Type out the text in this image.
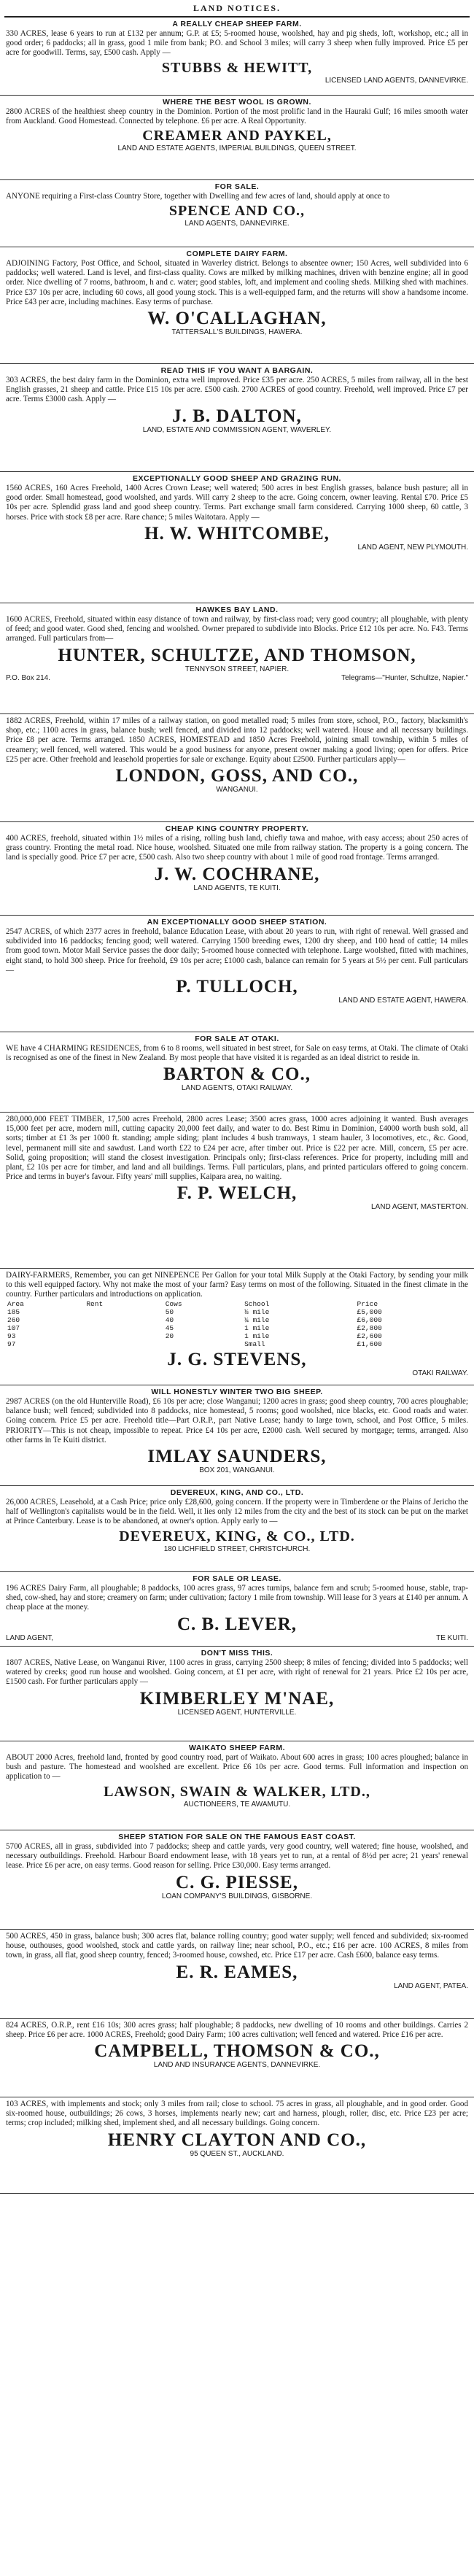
LAND NOTICES.
A REALLY CHEAP SHEEP FARM.
330 ACRES, lease 6 years to run at £132 per annum; G.P. at £5; 5-roomed house, woolshed, hay and pig sheds, loft, workshop, etc.; all in good order; 6 paddocks; all in grass, good 1 mile from bank; P.O. and School 3 miles; will carry 3 sheep when fully improved. Price £5 per acre for goodwill. Terms, say, £500 cash. Apply —
STUBBS & HEWITT,
LICENSED LAND AGENTS, DANNEVIRKE.
WHERE THE BEST WOOL IS GROWN.
2800 ACRES of the healthiest sheep country in the Dominion. Portion of the most prolific land in the Hauraki Gulf; 16 miles smooth water from Auckland. Good Homestead. Connected by telephone. £6 per acre. A Real Opportunity.
CREAMER AND PAYKEL,
LAND AND ESTATE AGENTS, IMPERIAL BUILDINGS, QUEEN STREET.
FOR SALE.
ANYONE requiring a First-class Country Store, together with Dwelling and few acres of land, should apply at once to
SPENCE AND CO.,
LAND AGENTS, DANNEVIRKE.
COMPLETE DAIRY FARM.
ADJOINING Factory, Post Office, and School, situated in Waverley district. Belongs to absentee owner; 150 Acres, well subdivided into 6 paddocks; well watered. Land is level, and first-class quality. Cows are milked by milking machines, driven with benzine engine; all in good order. Nice dwelling of 7 rooms, bathroom, h and c. water; good stables, loft, and implement and cooling sheds. Milking shed with machines. Price £37 10s per acre, including 60 cows, all good young stock. This is a well-equipped farm, and the returns will show a handsome income. Price £43 per acre, including machines. Easy terms of purchase.
W. O'CALLAGHAN,
TATTERSALL'S BUILDINGS, HAWERA.
READ THIS IF YOU WANT A BARGAIN.
303 ACRES, the best dairy farm in the Dominion, extra well improved. Price £35 per acre. 250 ACRES, 5 miles from railway, all in the best English grasses, 21 sheep and cattle. Price £15 10s per acre. £500 cash. 2700 ACRES of good country. Freehold, well improved. Price £7 per acre. Terms £3000 cash. Apply —
J. B. DALTON,
LAND, ESTATE AND COMMISSION AGENT, WAVERLEY.
EXCEPTIONALLY GOOD SHEEP AND GRAZING RUN.
1560 ACRES, 160 Acres Freehold, 1400 Acres Crown Lease; well watered; 500 acres in best English grasses, balance bush pasture; all in good order. Small homestead, good woolshed, and yards. Will carry 2 sheep to the acre. Going concern, owner leaving. Rental £70. Price £5 10s per acre. Splendid grass land and good sheep country. Terms. Part exchange small farm considered. Carrying 1000 sheep, 60 cattle, 3 horses. Price with stock £8 per acre. Rare chance; 5 miles Waitotara. Apply —
H. W. WHITCOMBE,
LAND AGENT, NEW PLYMOUTH.
HAWKES BAY LAND.
1600 ACRES, Freehold, situated within easy distance of town and railway, by first-class road; very good country; all ploughable, with plenty of feed; and good water. Good shed, fencing and woolshed. Owner prepared to subdivide into Blocks. Price £12 10s per acre. No. F43. Terms arranged. Full particulars from—
HUNTER, SCHULTZE, AND THOMSON,
TENNYSON STREET, NAPIER.
P.O. Box 214.	Telegrams—"Hunter, Schultze, Napier."
1882 ACRES, Freehold, within 17 miles of a railway station, on good metalled road; 5 miles from store, school, P.O., factory, blacksmith's shop, etc.; 1100 acres in grass, balance bush; well fenced, and divided into 12 paddocks; well watered. House and all necessary buildings. Price £8 per acre. Terms arranged. 1850 ACRES, HOMESTEAD and 1850 Acres Freehold, joining small township, within 5 miles of creamery; well fenced, well watered. This would be a good business for anyone, present owner making a good living; open for offers. Price £25 per acre. Other freehold and leasehold properties for sale or exchange. Equity about £2500. Further particulars apply—
LONDON, GOSS, AND CO.,
WANGANUI.
CHEAP KING COUNTRY PROPERTY.
400 ACRES, freehold, situated within 1½ miles of a rising, rolling bush land, chiefly tawa and mahoe, with easy access; about 250 acres of grass country. Fronting the metal road. Nice house, woolshed. Situated one mile from railway station. The property is a going concern. The land is specially good. Price £7 per acre, £500 cash. Also two sheep country with about 1 mile of good road frontage. Terms arranged.
J. W. COCHRANE,
LAND AGENTS, TE KUITI.
AN EXCEPTIONALLY GOOD SHEEP STATION.
2547 ACRES, of which 2377 acres in freehold, balance Education Lease, with about 20 years to run, with right of renewal. Well grassed and subdivided into 16 paddocks; fencing good; well watered. Carrying 1500 breeding ewes, 1200 dry sheep, and 100 head of cattle; 14 miles from good town. Motor Mail Service passes the door daily; 5-roomed house connected with telephone. Large woolshed, fitted with machines, eight stand, to hold 300 sheep. Price for freehold, £9 10s per acre; £1000 cash, balance can remain for 5 years at 5½ per cent. Full particulars—
P. TULLOCH,
LAND AND ESTATE AGENT, HAWERA.
FOR SALE AT OTAKI.
WE have 4 CHARMING RESIDENCES, from 6 to 8 rooms, well situated in best street, for Sale on easy terms, at Otaki. The climate of Otaki is recognised as one of the finest in New Zealand. By most people that have visited it is regarded as an ideal district to reside in.
BARTON & CO.,
LAND AGENTS, OTAKI RAILWAY.
280,000,000 FEET TIMBER, 17,500 acres Freehold, 2800 acres Lease; 3500 acres grass, 1000 acres adjoining it wanted. Bush averages 15,000 feet per acre, modern mill, cutting capacity 20,000 feet daily, and water to do. Best Rimu in Dominion, £4000 worth bush sold, all sorts; timber at £1 3s per 1000 ft. standing; ample siding; plant includes 4 bush tramways, 1 steam hauler, 3 locomotives, etc., &c. Good, level, permanent mill site and sawdust. Land worth £22 to £24 per acre, after timber out. Price is £22 per acre. Mill, concern, £5 per acre. Solid, going proposition; will stand the closest investigation. Principals only; first-class references. Price for property, including mill and plant, £2 10s per acre for timber, and land and all buildings. Terms. Full particulars, plans, and printed particulars offered to going concern. Price and terms in buyer's favour. Fifty years' mill supplies, Kaipara area, no waiting.
F. P. WELCH,
LAND AGENT, MASTERTON.
DAIRY-FARMERS, Remember, you can get NINEPENCE Per Gallon for your total Milk Supply at the Otaki Factory, by sending your milk to this well equipped factory. Why not make the most of your farm? Easy terms on most of the following. Situated in the finest climate in the country. Further particulars and introductions on application.
Area	Rent	Cows	School	Price
185		50	½ mile	£5,000
260		40	¼ mile	£6,000
107		45	1 mile	£2,800
93		20	1 mile	£2,600
97			Small	£1,600
J. G. STEVENS,
OTAKI RAILWAY.
WILL HONESTLY WINTER TWO BIG SHEEP.
2987 ACRES (on the old Hunterville Road), £6 10s per acre; close Wanganui; 1200 acres in grass; good sheep country, 700 acres ploughable; balance bush; well fenced; subdivided into 8 paddocks, nice homestead, 5 rooms; good woolshed, nice blacks, etc. Good roads and water. Going concern. Price £5 per acre. Freehold title—Part O.R.P., part Native Lease; handy to large town, school, and Post Office, 5 miles. PRIORITY—This is not cheap, impossible to repeat. Price £4 10s per acre, £2000 cash. Well secured by mortgage; terms, arranged. Also other farms in Te Kuiti district.
IMLAY SAUNDERS,
BOX 201, WANGANUI.
DEVEREUX, KING, AND CO., LTD.
26,000 ACRES, Leasehold, at a Cash Price; price only £28,600, going concern. If the property were in Timberdene or the Plains of Jericho the half of Wellington's capitalists would be in the field. Well, it lies only 12 miles from the city and the best of its stock can be put on the market at Prince Canterbury. Lease is to be abandoned, at owner's option. Apply early to —
DEVEREUX, KING, & CO., LTD.
180 LICHFIELD STREET, CHRISTCHURCH.
FOR SALE OR LEASE.
196 ACRES Dairy Farm, all ploughable; 8 paddocks, 100 acres grass, 97 acres turnips, balance fern and scrub; 5-roomed house, stable, trap-shed, cow-shed, hay and store; creamery on farm; under cultivation; factory 1 mile from township. Will lease for 3 years at £140 per annum. A cheap place at the money.
C. B. LEVER,
LAND AGENT,	TE KUITI.
DON'T MISS THIS.
1807 ACRES, Native Lease, on Wanganui River, 1100 acres in grass, carrying 2500 sheep; 8 miles of fencing; divided into 5 paddocks; well watered by creeks; good run house and woolshed. Going concern, at £1 per acre, with right of renewal for 21 years. Price £2 10s per acre, £1500 cash. For further particulars apply —
KIMBERLEY M'NAE,
LICENSED AGENT, HUNTERVILLE.
WAIKATO SHEEP FARM.
ABOUT 2000 Acres, freehold land, fronted by good country road, part of Waikato. About 600 acres in grass; 100 acres ploughed; balance in bush and pasture. The homestead and woolshed are excellent. Price £6 10s per acre. Good terms. Full information and inspection on application to —
LAWSON, SWAIN & WALKER, LTD.,
AUCTIONEERS, TE AWAMUTU.
SHEEP STATION FOR SALE ON THE FAMOUS EAST COAST.
5700 ACRES, all in grass, subdivided into 7 paddocks; sheep and cattle yards, very good country, well watered; fine house, woolshed, and necessary outbuildings. Freehold. Harbour Board endowment lease, with 18 years yet to run, at a rental of 8½d per acre; 21 years' renewal lease. Price £6 per acre, on easy terms. Good reason for selling. Price £30,000. Easy terms arranged.
C. G. PIESSE,
LOAN COMPANY'S BUILDINGS, GISBORNE.
500 ACRES, 450 in grass, balance bush; 300 acres flat, balance rolling country; good water supply; well fenced and subdivided; six-roomed house, outhouses, good woolshed, stock and cattle yards, on railway line; near school, P.O., etc.; £16 per acre. 100 ACRES, 8 miles from town, in grass, all flat, good sheep country, fenced; 3-roomed house, cowshed, etc. Price £17 per acre. Cash £600, balance easy terms.
E. R. EAMES,
LAND AGENT, PATEA.
824 ACRES, O.R.P., rent £16 10s; 300 acres grass; half ploughable; 8 paddocks, new dwelling of 10 rooms and other buildings. Carries 2 sheep. Price £6 per acre. 1000 ACRES, Freehold; good Dairy Farm; 100 acres cultivation; well fenced and watered. Price £16 per acre.
CAMPBELL, THOMSON & CO.,
LAND AND INSURANCE AGENTS, DANNEVIRKE.
103 ACRES, with implements and stock; only 3 miles from rail; close to school. 75 acres in grass, all ploughable, and in good order. Good six-roomed house, outbuildings; 26 cows, 3 horses, implements nearly new; cart and harness, plough, roller, disc, etc. Price £23 per acre; terms; crop included; milking shed, implement shed, and all necessary buildings. Going concern.
HENRY CLAYTON AND CO.,
95 QUEEN ST., AUCKLAND.
